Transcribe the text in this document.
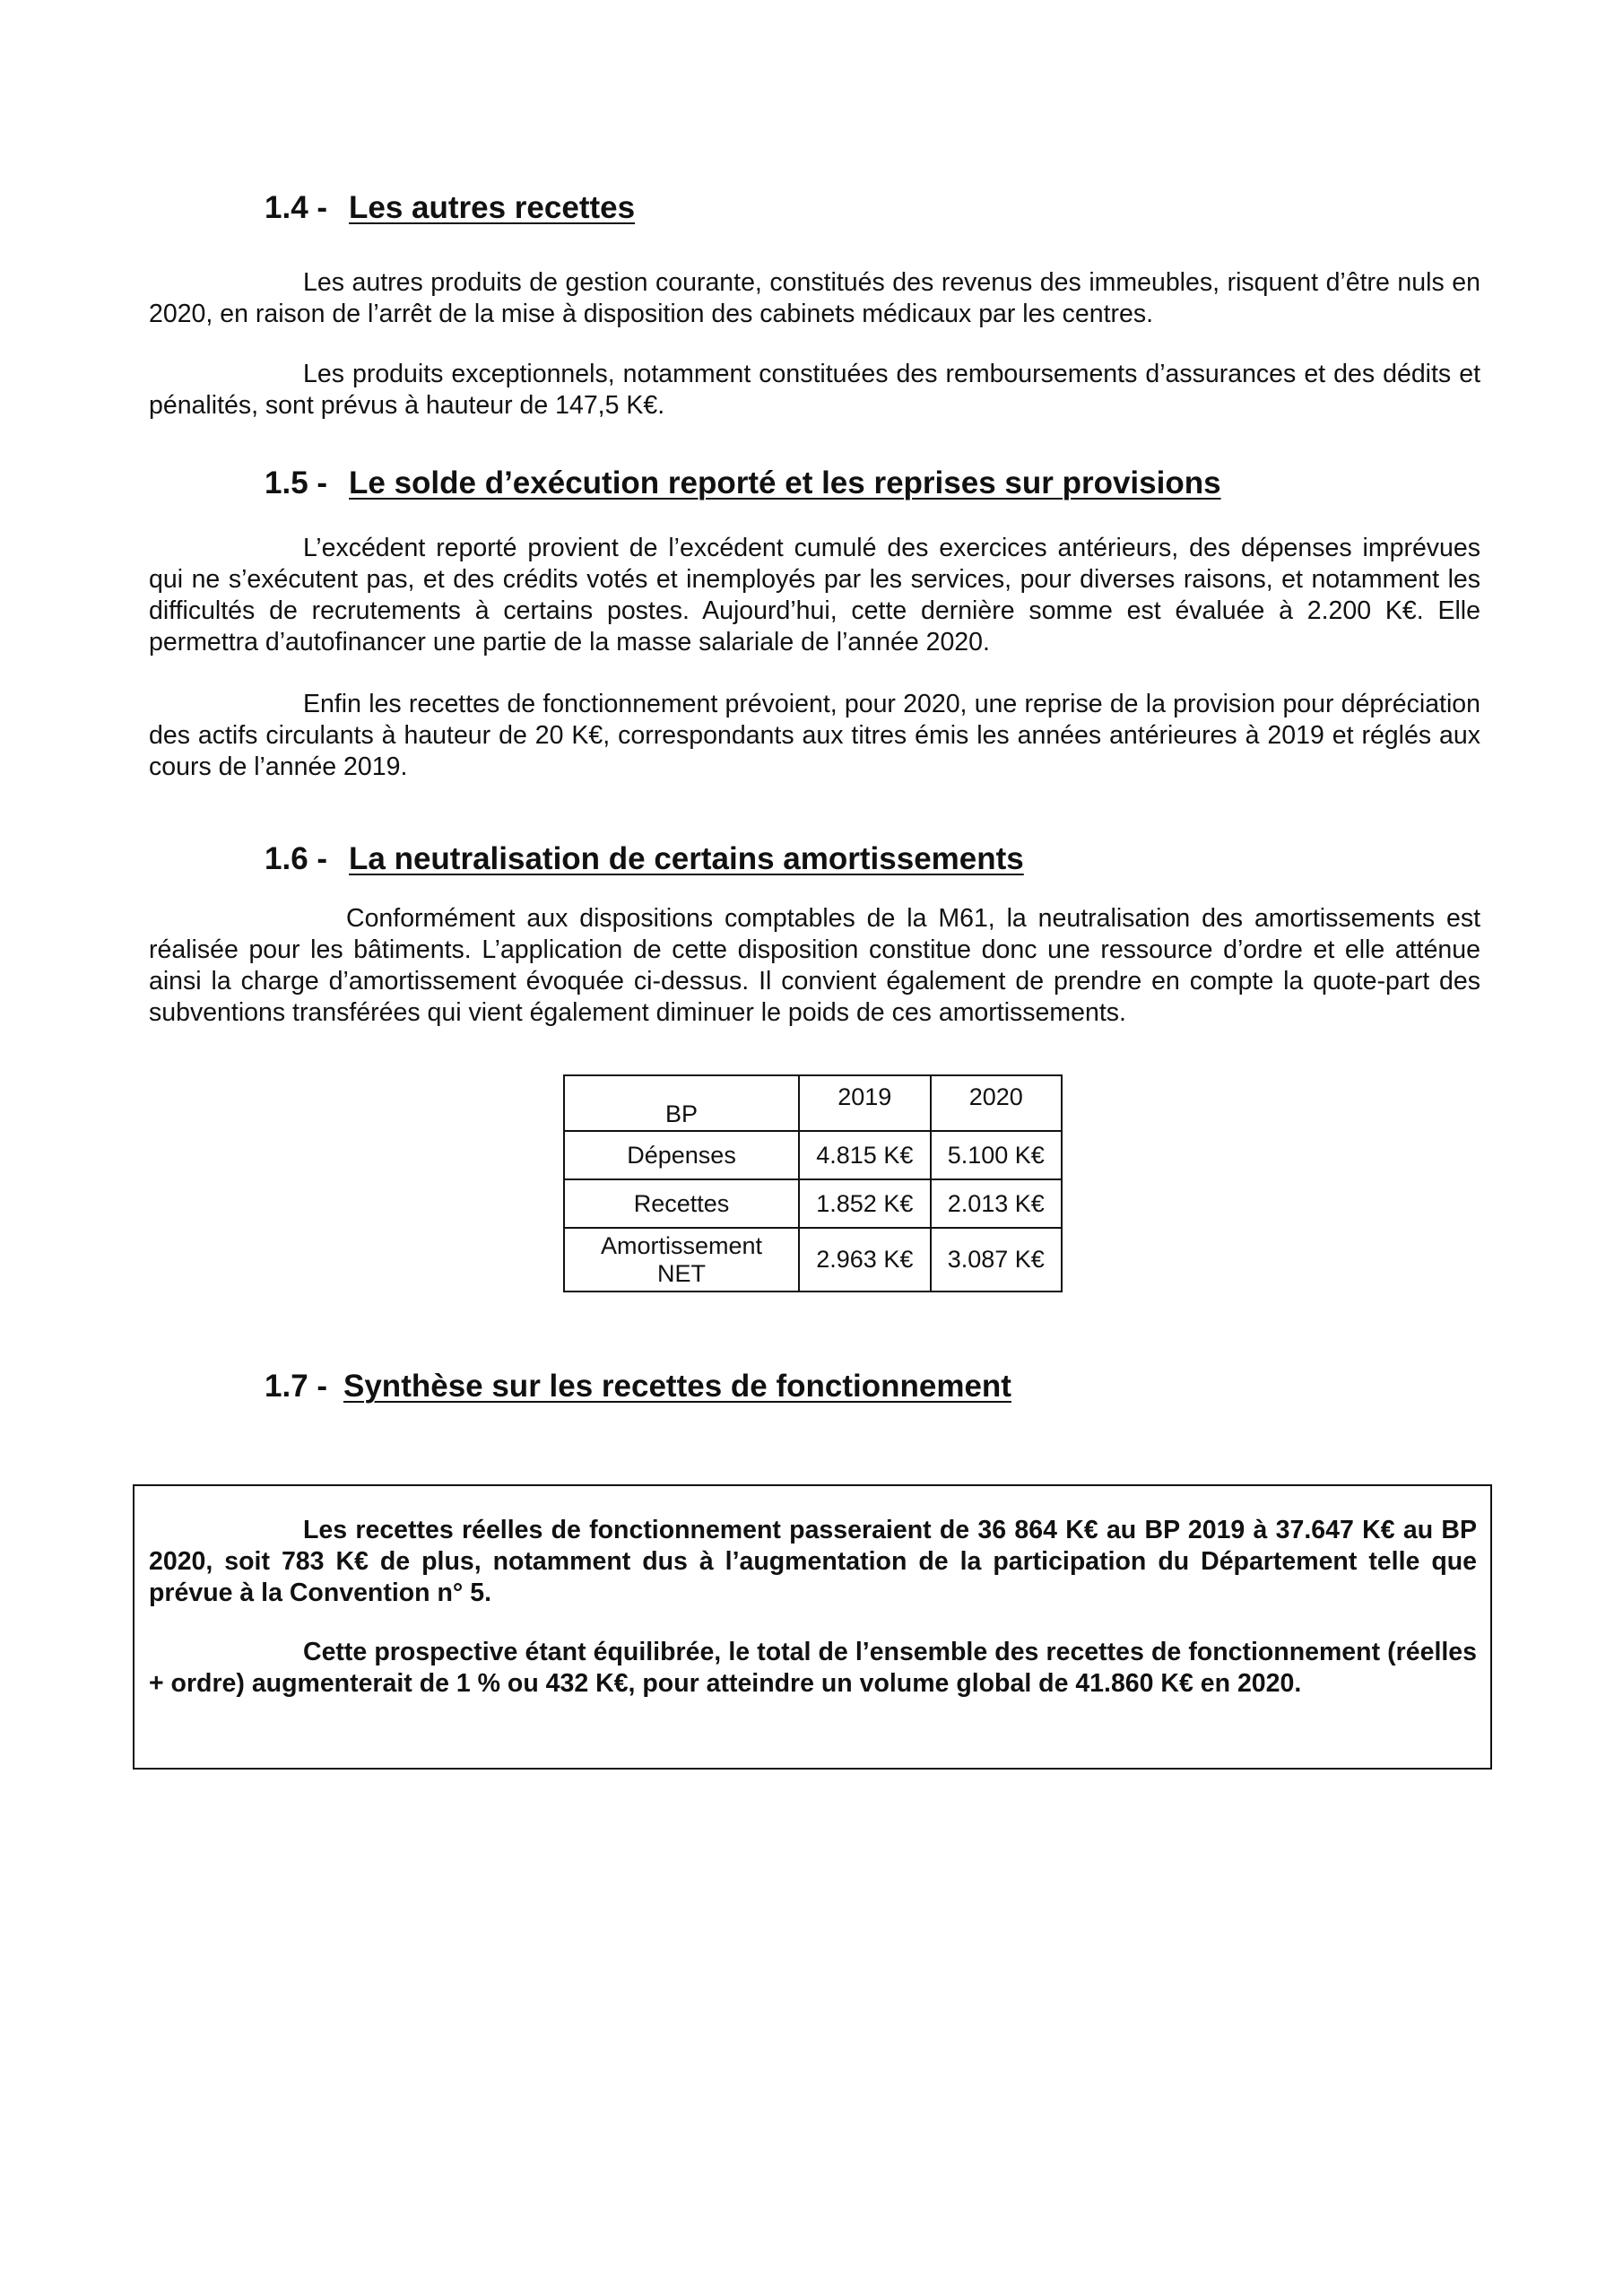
1.4 - Les autres recettes

Les autres produits de gestion courante, constitués des revenus des immeubles, risquent d’être nuls en 2020, en raison de l’arrêt de la mise à disposition des cabinets médicaux par les centres.

Les produits exceptionnels, notamment constituées des remboursements d’assurances et des dédits et pénalités, sont prévus à hauteur de 147,5 K€.

1.5 - Le solde d’exécution reporté et les reprises sur provisions

L’excédent reporté provient de l’excédent cumulé des exercices antérieurs, des dépenses imprévues qui ne s’exécutent pas, et des crédits votés et inemployés par les services, pour diverses raisons, et notamment les difficultés de recrutements à certains postes. Aujourd’hui, cette dernière somme est évaluée à 2.200 K€. Elle permettra d’autofinancer une partie de la masse salariale de l’année 2020.

Enfin les recettes de fonctionnement prévoient, pour 2020, une reprise de la provision pour dépréciation des actifs circulants à hauteur de 20 K€, correspondants aux titres émis les années antérieures à 2019 et réglés aux cours de l’année 2019.

1.6 - La neutralisation de certains amortissements

Conformément aux dispositions comptables de la M61, la neutralisation des amortissements est réalisée pour les bâtiments. L’application de cette disposition constitue donc une ressource d’ordre et elle atténue ainsi la charge d’amortissement évoquée ci-dessus. Il convient également de prendre en compte la quote-part des subventions transférées qui vient également diminuer le poids de ces amortissements.

BP	2019	2020
Dépenses	4.815 K€	5.100 K€
Recettes	1.852 K€	2.013 K€
Amortissement NET	2.963 K€	3.087 K€
1.7 - Synthèse sur les recettes de fonctionnement

Les recettes réelles de fonctionnement passeraient de 36 864 K€ au BP 2019 à 37.647 K€ au BP 2020, soit 783 K€ de plus, notamment dus à l’augmentation de la participation du Département telle que prévue à la Convention n° 5.

Cette prospective étant équilibrée, le total de l’ensemble des recettes de fonctionnement (réelles + ordre) augmenterait de 1 % ou 432 K€, pour atteindre un volume global de 41.860 K€ en 2020.
